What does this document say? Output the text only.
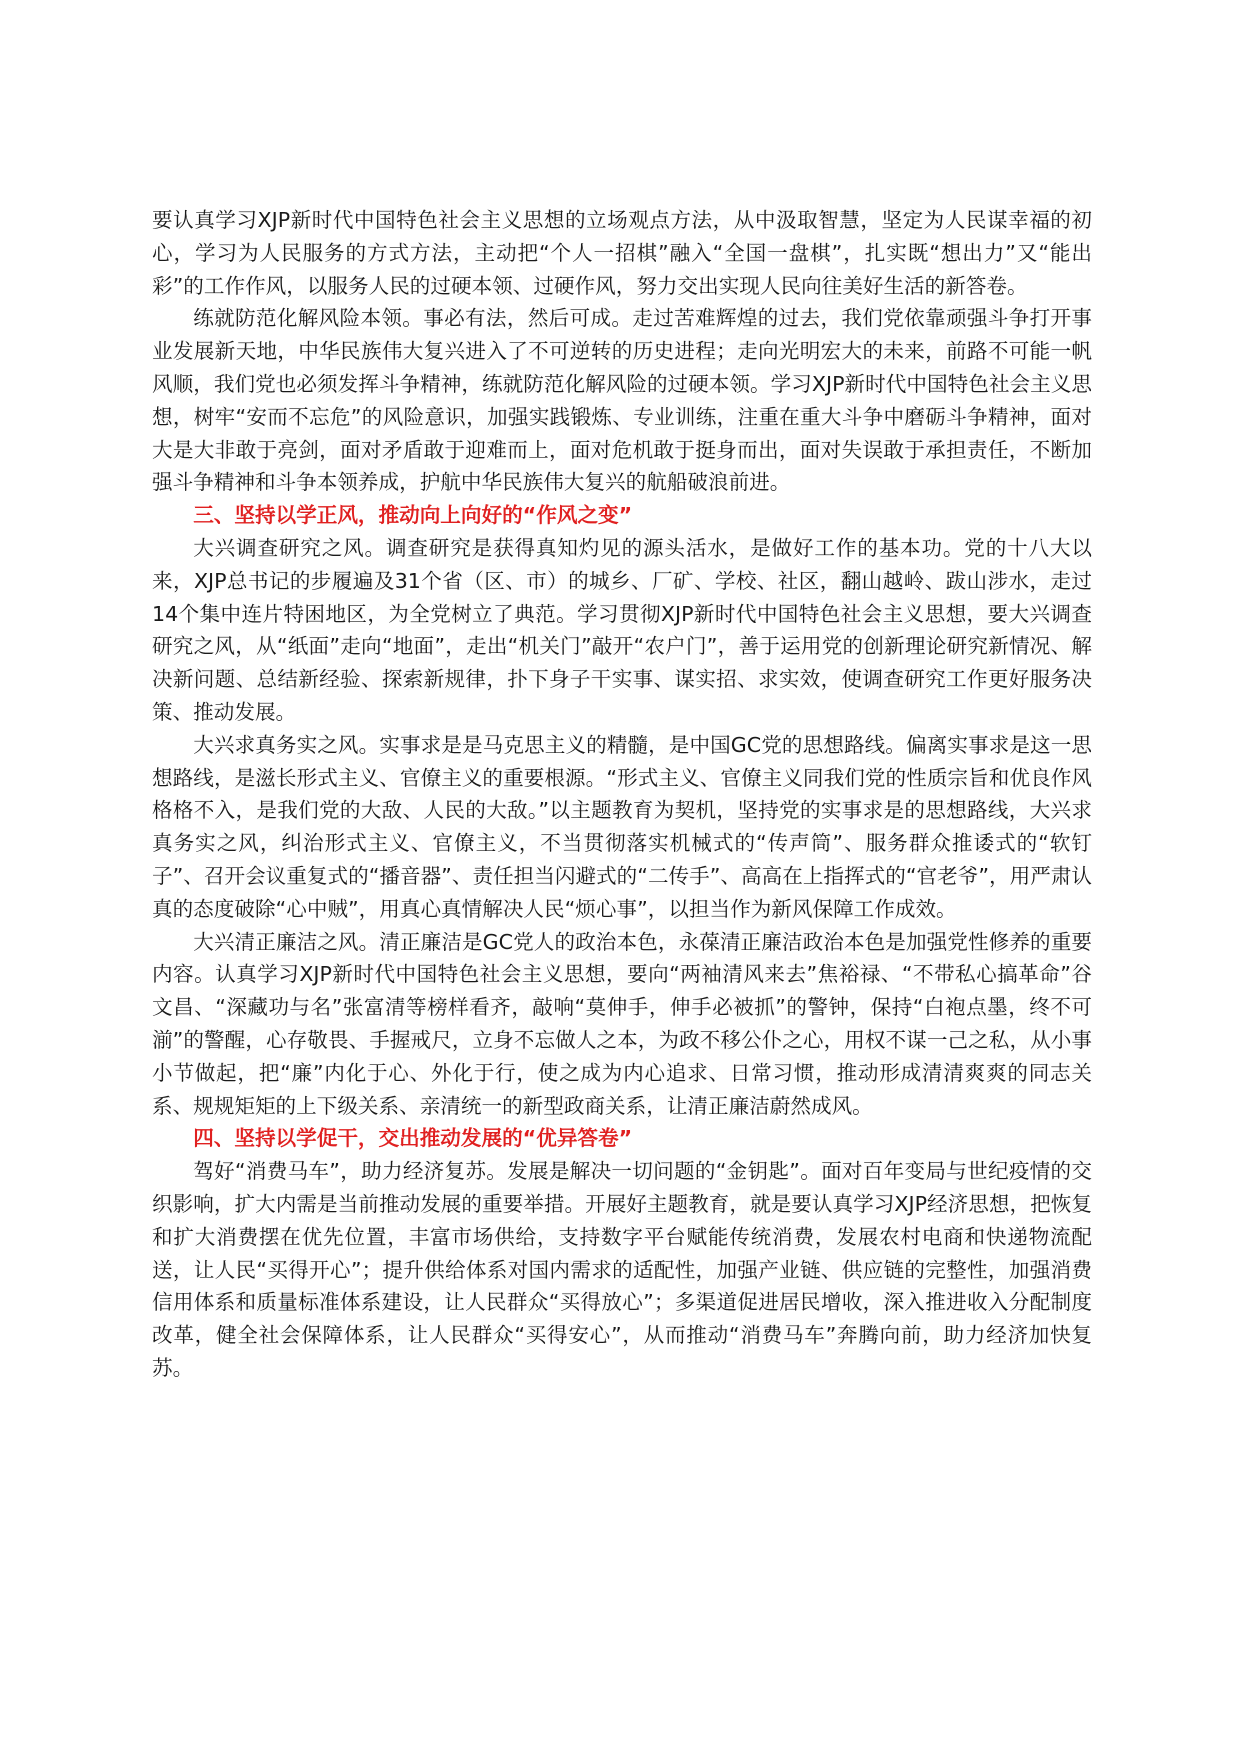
要认真学习XJP新时代中国特色社会主义思想的立场观点方法，从中汲取智慧，坚定为人民谋幸福的初心，学习为人民服务的方式方法，主动把“个人一招棋”融入“全国一盘棋”，扎实既“想出力”又“能出彩”的工作作风，以服务人民的过硬本领、过硬作风，努力交出实现人民向往美好生活的新答卷。

练就防范化解风险本领。事必有法，然后可成。走过苦难辉煌的过去，我们党依靠顽强斗争打开事业发展新天地，中华民族伟大复兴进入了不可逆转的历史进程；走向光明宏大的未来，前路不可能一帆风顺，我们党也必须发挥斗争精神，练就防范化解风险的过硬本领。学习XJP新时代中国特色社会主义思想，树牢“安而不忘危”的风险意识，加强实践锻炼、专业训练，注重在重大斗争中磨砺斗争精神，面对大是大非敢于亮剑，面对矛盾敢于迎难而上，面对危机敢于挺身而出，面对失误敢于承担责任，不断加强斗争精神和斗争本领养成，护航中华民族伟大复兴的航船破浪前进。

三、坚持以学正风，推动向上向好的“作风之变”

大兴调查研究之风。调查研究是获得真知灼见的源头活水，是做好工作的基本功。党的十八大以来，XJP总书记的步履遍及31个省（区、市）的城乡、厂矿、学校、社区，翻山越岭、跋山涉水，走过14个集中连片特困地区，为全党树立了典范。学习贯彻XJP新时代中国特色社会主义思想，要大兴调查研究之风，从“纸面”走向“地面”，走出“机关门”敲开“农户门”，善于运用党的创新理论研究新情况、解决新问题、总结新经验、探索新规律，扑下身子干实事、谋实招、求实效，使调查研究工作更好服务决策、推动发展。

大兴求真务实之风。实事求是是马克思主义的精髓，是中国GC党的思想路线。偏离实事求是这一思想路线，是滋长形式主义、官僚主义的重要根源。“形式主义、官僚主义同我们党的性质宗旨和优良作风格格不入，是我们党的大敌、人民的大敌。”以主题教育为契机，坚持党的实事求是的思想路线，大兴求真务实之风，纠治形式主义、官僚主义，不当贯彻落实机械式的“传声筒”、服务群众推诿式的“软钉子”、召开会议重复式的“播音器”、责任担当闪避式的“二传手”、高高在上指挥式的“官老爷”，用严肃认真的态度破除“心中贼”，用真心真情解决人民“烦心事”，以担当作为新风保障工作成效。

大兴清正廉洁之风。清正廉洁是GC党人的政治本色，永葆清正廉洁政治本色是加强党性修养的重要内容。认真学习XJP新时代中国特色社会主义思想，要向“两袖清风来去”焦裕禄、“不带私心搞革命”谷文昌、“深藏功与名”张富清等榜样看齐，敲响“莫伸手，伸手必被抓”的警钟，保持“白袍点墨，终不可湔”的警醒，心存敬畏、手握戒尺，立身不忘做人之本，为政不移公仆之心，用权不谋一己之私，从小事小节做起，把“廉”内化于心、外化于行，使之成为内心追求、日常习惯，推动形成清清爽爽的同志关系、规规矩矩的上下级关系、亲清统一的新型政商关系，让清正廉洁蔚然成风。

四、坚持以学促干，交出推动发展的“优异答卷”

驾好“消费马车”，助力经济复苏。发展是解决一切问题的“金钥匙”。面对百年变局与世纪疫情的交织影响，扩大内需是当前推动发展的重要举措。开展好主题教育，就是要认真学习XJP经济思想，把恢复和扩大消费摆在优先位置，丰富市场供给，支持数字平台赋能传统消费，发展农村电商和快递物流配送，让人民“买得开心”；提升供给体系对国内需求的适配性，加强产业链、供应链的完整性，加强消费信用体系和质量标准体系建设，让人民群众“买得放心”；多渠道促进居民增收，深入推进收入分配制度改革，健全社会保障体系，让人民群众“买得安心”，从而推动“消费马车”奔腾向前，助力经济加快复苏。
